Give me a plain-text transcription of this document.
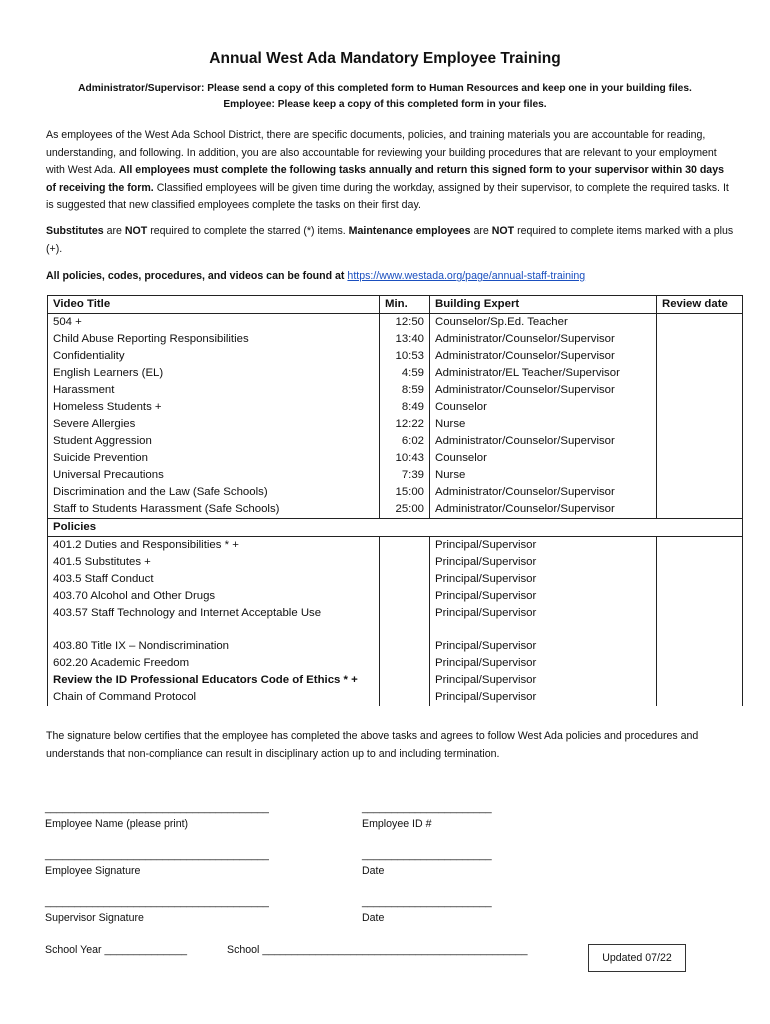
Annual West Ada Mandatory Employee Training
Administrator/Supervisor: Please send a copy of this completed form to Human Resources and keep one in your building files.
Employee: Please keep a copy of this completed form in your files.
As employees of the West Ada School District, there are specific documents, policies, and training materials you are accountable for reading, understanding, and following. In addition, you are also accountable for reviewing your building procedures that are relevant to your employment with West Ada. All employees must complete the following tasks annually and return this signed form to your supervisor within 30 days of receiving the form. Classified employees will be given time during the workday, assigned by their supervisor, to complete the required tasks. It is suggested that new classified employees complete the tasks on their first day.
Substitutes are NOT required to complete the starred (*) items. Maintenance employees are NOT required to complete items marked with a plus (+).
All policies, codes, procedures, and videos can be found at https://www.westada.org/page/annual-staff-training
Video Title	Min.	Building Expert	Review date
504 +	12:50	Counselor/Sp.Ed. Teacher	
Child Abuse Reporting Responsibilities	13:40	Administrator/Counselor/Supervisor	
Confidentiality	10:53	Administrator/Counselor/Supervisor	
English Learners (EL)	4:59	Administrator/EL Teacher/Supervisor	
Harassment	8:59	Administrator/Counselor/Supervisor	
Homeless Students +	8:49	Counselor	
Severe Allergies	12:22	Nurse	
Student Aggression	6:02	Administrator/Counselor/Supervisor	
Suicide Prevention	10:43	Counselor	
Universal Precautions	7:39	Nurse	
Discrimination and the Law (Safe Schools)	15:00	Administrator/Counselor/Supervisor	
Staff to Students Harassment (Safe Schools)	25:00	Administrator/Counselor/Supervisor	
Policies			
401.2 Duties and Responsibilities * +		Principal/Supervisor	
401.5 Substitutes +		Principal/Supervisor	
403.5 Staff Conduct		Principal/Supervisor	
403.70 Alcohol and Other Drugs		Principal/Supervisor	
403.57 Staff Technology and Internet Acceptable Use		Principal/Supervisor	
403.80 Title IX – Nondiscrimination		Principal/Supervisor	
602.20 Academic Freedom		Principal/Supervisor	
Review the ID Professional Educators Code of Ethics * +		Principal/Supervisor	
Chain of Command Protocol		Principal/Supervisor	
The signature below certifies that the employee has completed the above tasks and agrees to follow West Ada policies and procedures and understands that non-compliance can result in disciplinary action up to and including termination.
______________________________________
Employee Name (please print)
______________________
Employee ID #
______________________________________
Employee Signature
______________________
Date
______________________________________
Supervisor Signature
______________________
Date
School Year ______________	School _____________________________________________
Updated 07/22
